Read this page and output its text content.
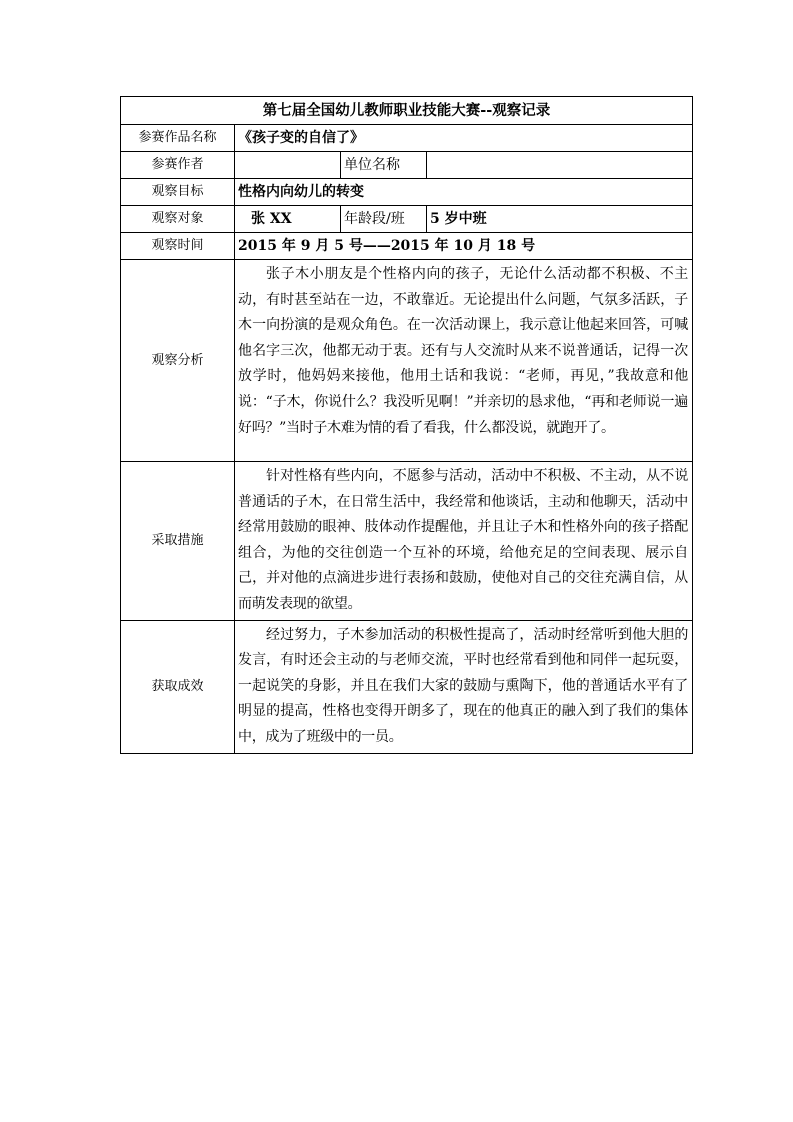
第七届全国幼儿教师职业技能大赛--观察记录			
参赛作品名称	《孩子变的自信了》		
参赛作者		单位名称	
观察目标	性格内向幼儿的转变		
观察对象	张 XX	年龄段/班	5 岁中班
观察时间	2015 年 9 月 5 号——2015 年 10 月 18 号		
观察分析	张子木小朋友是个性格内向的孩子，无论什么活动都不积极、不主动，有时甚至站在一边，不敢靠近。无论提出什么问题，气氛多活跃，子木一向扮演的是观众角色。在一次活动课上，我示意让他起来回答，可喊他名字三次，他都无动于衷。还有与人交流时从来不说普通话，记得一次放学时，他妈妈来接他，他用土话和我说：“老师，再见，”我故意和他说：“子木，你说什么？我没听见啊！”并亲切的恳求他，“再和老师说一遍好吗？”当时子木难为情的看了看我，什么都没说，就跑开了。		

采取措施	针对性格有些内向，不愿参与活动，活动中不积极、不主动，从不说普通话的子木，在日常生活中，我经常和他谈话，主动和他聊天，活动中经常用鼓励的眼神、肢体动作提醒他，并且让子木和性格外向的孩子搭配组合，为他的交往创造一个互补的环境，给他充足的空间表现、展示自己，并对他的点滴进步进行表扬和鼓励，使他对自己的交往充满自信，从而萌发表现的欲望。		

获取成效	经过努力，子木参加活动的积极性提高了，活动时经常听到他大胆的发言，有时还会主动的与老师交流，平时也经常看到他和同伴一起玩耍，一起说笑的身影，并且在我们大家的鼓励与熏陶下，他的普通话水平有了明显的提高，性格也变得开朗多了，现在的他真正的融入到了我们的集体中，成为了班级中的一员。		
